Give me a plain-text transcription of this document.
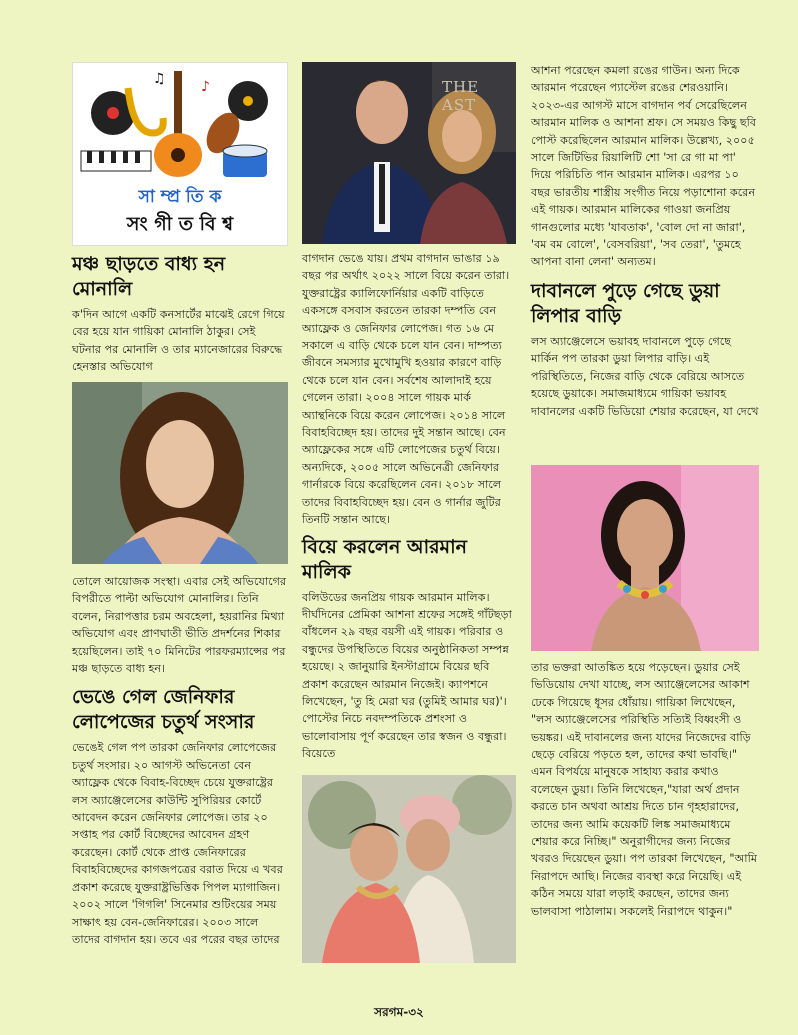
♪
♫
সা ম্প্র তি ক
সং গী ত বি শ্ব
মঞ্চ ছাড়তে বাধ্য হন মোনালি

ক'দিন আগে একটি কনসার্টের মাঝেই রেগে গিয়ে বের হয়ে যান গায়িকা মোনালি ঠাকুর। সেই ঘটনার পর মোনালি ও তার ম্যানেজারের বিরুদ্ধে হেনস্তার অভিযোগ

তোলে আয়োজক সংস্থা। এবার সেই অভিযোগের বিপরীতে পাল্টা অভিযোগ মোনালির। তিনি বলেন, নিরাপত্তার চরম অবহেলা, হয়রানির মিথ্যা অভিযোগ এবং প্রাণঘাতী ভীতি প্রদর্শনের শিকার হয়েছিলেন। তাই ৭০ মিনিটের পারফরম্যান্সের পর মঞ্চ ছাড়তে বাধ্য হন।

ভেঙে গেল জেনিফার লোপেজের চতুর্থ সংসার

ভেঙেই গেল পপ তারকা জেনিফার লোপেজের চতুর্থ সংসার। ২০ আগস্ট অভিনেতা বেন অ্যাফ্লেক থেকে বিবাহ-বিচ্ছেদ চেয়ে যুক্তরাষ্ট্রের লস অ্যাঞ্জেলেসের কাউন্টি সুপিরিয়র কোর্টে আবেদন করেন জেনিফার লোপেজ। তার ২০ সপ্তাহ পর কোর্ট বিচ্ছেদের আবেদন গ্রহণ করেছেন। কোর্ট থেকে প্রাপ্ত জেনিফারের বিবাহবিচ্ছেদের কাগজপত্রের বরাত দিয়ে এ খবর প্রকাশ করেছে যুক্তরাষ্ট্রভিত্তিক পিপল ম্যাগাজিন। ২০০২ সালে 'গিগলি' সিনেমার শুটিংয়ের সময় সাক্ষাৎ হয় বেন-জেনিফারের। ২০০৩ সালে তাদের বাগদান হয়। তবে এর পরের বছর তাদের

THE AST

বাগদান ভেঙে যায়। প্রথম বাগদান ভাঙার ১৯ বছর পর অর্থাৎ ২০২২ সালে বিয়ে করেন তারা। যুক্তরাষ্ট্রের ক্যালিফোর্নিয়ার একটি বাড়িতে একসঙ্গে বসবাস করতেন তারকা দম্পতি বেন অ্যাফ্লেক ও জেনিফার লোপেজ। গত ১৬ মে সকালে এ বাড়ি থেকে চলে যান বেন। দাম্পত্য জীবনে সমস্যার মুখোমুখি হওয়ার কারণে বাড়ি থেকে চলে যান বেন। সর্বশেষ আলাদাই হয়ে গেলেন তারা। ২০০৪ সালে গায়ক মার্ক অ্যান্থনিকে বিয়ে করেন লোপেজ। ২০১৪ সালে বিবাহবিচ্ছেদ হয়। তাদের দুই সন্তান আছে। বেন অ্যাফ্লেকের সঙ্গে এটি লোপেজের চতুর্থ বিয়ে। অন্যদিকে, ২০০৫ সালে অভিনেত্রী জেনিফার গার্নারকে বিয়ে করেছিলেন বেন। ২০১৮ সালে তাদের বিবাহবিচ্ছেদ হয়। বেন ও গার্নার জুটির তিনটি সন্তান আছে।

বিয়ে করলেন আরমান মালিক

বলিউডের জনপ্রিয় গায়ক আরমান মালিক। দীর্ঘদিনের প্রেমিকা আশনা শ্রফের সঙ্গেই গাঁটছড়া বাঁধলেন ২৯ বছর বয়সী এই গায়ক। পরিবার ও বন্ধুদের উপস্থিতিতে বিয়ের অনুষ্ঠানিকতা সম্পন্ন হয়েছে। ২ জানুয়ারি ইনস্টাগ্রামে বিয়ের ছবি প্রকাশ করেছেন আরমান নিজেই। ক্যাপশনে লিখেছেন, 'তু হি মেরা ঘর (তুমিই আমার ঘর)'। পোস্টের নিচে নবদম্পতিকে প্রশংসা ও ভালোবাসায় পূর্ণ করেছেন তার স্বজন ও বন্ধুরা। বিয়েতে

আশনা পরেছেন কমলা রঙের গাউন। অন্য দিকে আরমান পরেছেন প্যাস্টেল রঙের শেরওয়ানি। ২০২৩-এর আগস্ট মাসে বাগদান পর্ব সেরেছিলেন আরমান মালিক ও আশনা শ্রফ। সে সময়ও কিছু ছবি পোস্ট করেছিলেন আরমান মালিক। উল্লেখ্য, ২০০৫ সালে জিটিভির রিয়ালিটি শো 'সা রে গা মা পা' দিয়ে পরিচিতি পান আরমান মালিক। এরপর ১০ বছর ভারতীয় শাস্ত্রীয় সংগীত নিয়ে পড়াশোনা করেন এই গায়ক। আরমান মালিকের গাওয়া জনপ্রিয় গানগুলোর মধ্যে 'যাবতাক', 'বোল দো না জারা', 'বম বম বোলে', 'বেসবরিয়া', 'সব তেরা', 'তুমহে আপনা বানা লেনা' অন্যতম।

দাবানলে পুড়ে গেছে ডুয়া লিপার বাড়ি

লস অ্যাঞ্জেলেসে ভয়াবহ দাবানলে পুড়ে গেছে মার্কিন পপ তারকা ডুয়া লিপার বাড়ি। এই পরিস্থিতিতে, নিজের বাড়ি থেকে বেরিয়ে আসতে হয়েছে ডুয়াকে। সমাজমাধ্যমে গায়িকা ভয়াবহ দাবানলের একটি ভিডিয়ো শেয়ার করেছেন, যা দেখে

তার ভক্তরা আতঙ্কিত হয়ে পড়েছেন। ডুয়ার সেই ভিডিয়োয় দেখা যাচ্ছে, লস অ্যাঞ্জেলেসের আকাশ ঢেকে গিয়েছে ধূসর ধোঁয়ায়। গায়িকা লিখেছেন, "লস অ্যাঞ্জেলেসের পরিস্থিতি সত্যিই বিধ্বংসী ও ভয়ঙ্কর। এই দাবানলের জন্য যাদের নিজেদের বাড়ি ছেড়ে বেরিয়ে পড়তে হল, তাদের কথা ভাবছি।" এমন বিপর্যয়ে মানুষকে সাহায্য করার কথাও বলেছেন ডুয়া। তিনি লিখেছেন,"যারা অর্থ প্রদান করতে চান অথবা আশ্রয় দিতে চান গৃহহারাদের, তাদের জন্য আমি কয়েকটি লিঙ্ক সমাজমাধ্যমে শেয়ার করে নিচ্ছি।" অনুরাগীদের জন্য নিজের খবরও দিয়েছেন ডুয়া। পপ তারকা লিখেছেন, "আমি নিরাপদে আছি। নিজের ব্যবস্থা করে নিয়েছি। এই কঠিন সময়ে যারা লড়াই করছেন, তাদের জন্য ভালবাসা পাঠালাম। সকলেই নিরাপদে থাকুন।"

সরগম-৩২
